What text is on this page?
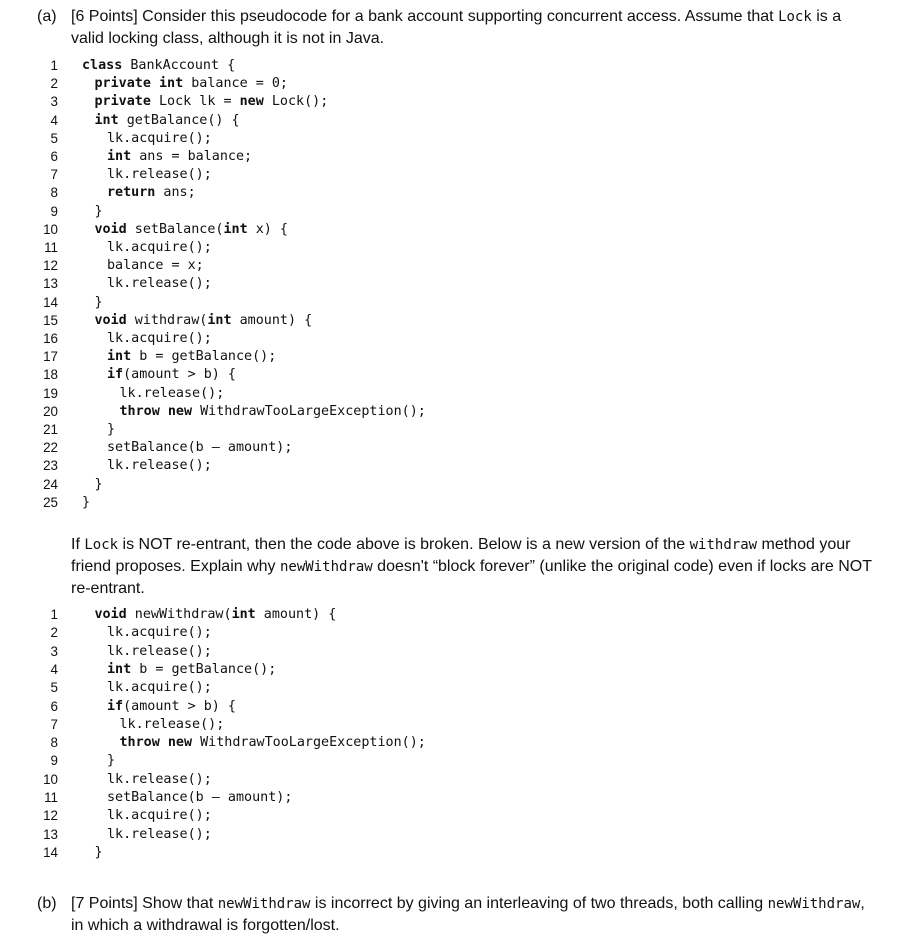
(a) [6 Points] Consider this pseudocode for a bank account supporting concurrent access. Assume that Lock is a valid locking class, although it is not in Java.

1 class BankAccount {
2	private int balance = 0;
3	private Lock lk = new Lock();
4	int getBalance() {
5	lk.acquire();
6	int ans = balance;
7	lk.release();
8	return ans;
9	}
10	void setBalance(int x) {
11	lk.acquire();
12	balance = x;
13	lk.release();
14	}
15	void withdraw(int amount) {
16	lk.acquire();
17	int b = getBalance();
18	if(amount > b) {
19	lk.release();
20	throw new WithdrawTooLargeException();
21	}
22	setBalance(b – amount);
23	lk.release();
24	}
25 }

If Lock is NOT re-entrant, then the code above is broken. Below is a new version of the withdraw method your friend proposes. Explain why newWithdraw doesn't “block forever” (unlike the original code) even if locks are NOT re-entrant.

1	void newWithdraw(int amount) {
2	lk.acquire();
3	lk.release();
4	int b = getBalance();
5	lk.acquire();
6	if(amount > b) {
7	lk.release();
8	throw new WithdrawTooLargeException();
9	}
10	lk.release();
11	setBalance(b – amount);
12	lk.acquire();
13	lk.release();
14	}

(b) [7 Points] Show that newWithdraw is incorrect by giving an interleaving of two threads, both calling newWithdraw, in which a withdrawal is forgotten/lost.
